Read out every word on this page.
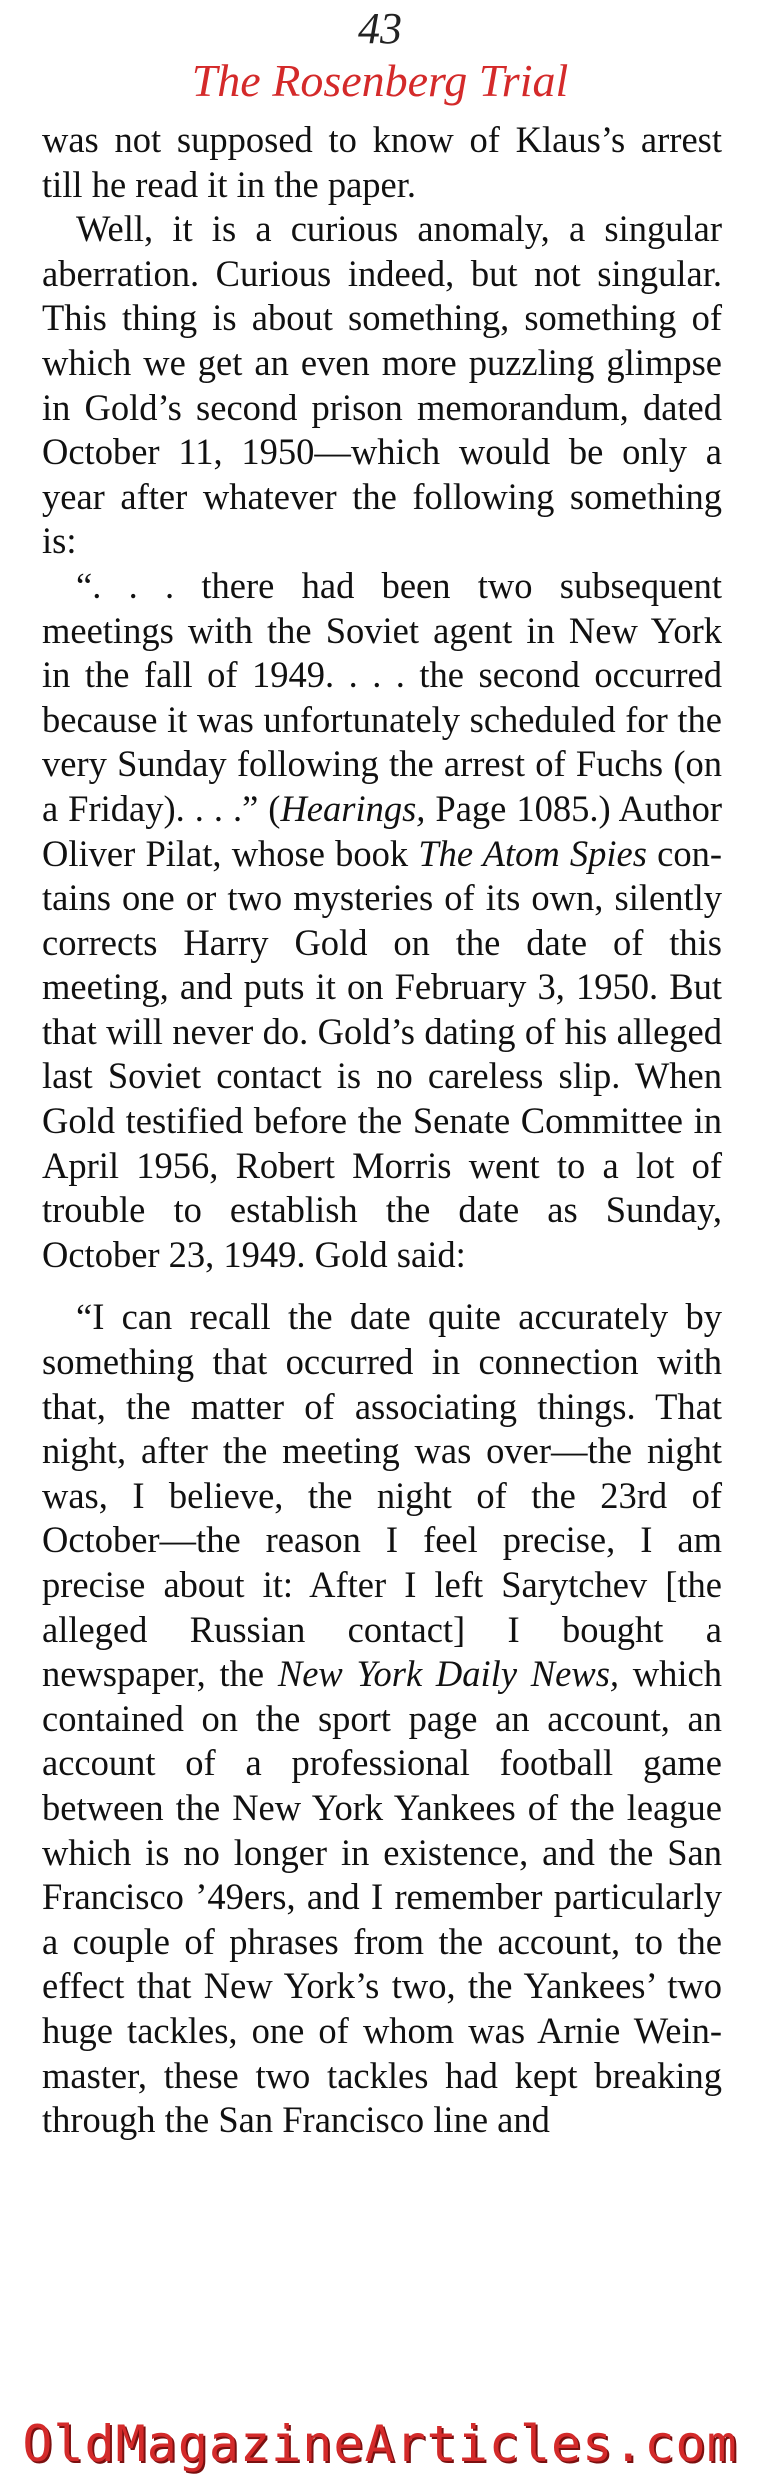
43
The Rosenberg Trial

was not supposed to know of Klaus’s arrest till he read it in the paper.

Well, it is a curious anomaly, a singular aberration. Curious indeed, but not singular. This thing is about something, something of which we get an even more puzzling glimpse in Gold’s second prison memorandum, dated October 11, 1950—which would be only a year after whatever the following something is:

“. . . there had been two subsequent meetings with the Soviet agent in New York in the fall of 1949. . . . the second occurred because it was unfortunately scheduled for the very Sunday following the arrest of Fuchs (on a Friday). . . .” (Hearings, Page 1085.) Author Oliver Pilat, whose book The Atom Spies contains one or two mysteries of its own, silently corrects Harry Gold on the date of this meeting, and puts it on February 3, 1950. But that will never do. Gold’s dating of his alleged last Soviet contact is no careless slip. When Gold testified before the Senate Committee in April 1956, Robert Morris went to a lot of trouble to establish the date as Sunday, October 23, 1949. Gold said:

“I can recall the date quite accurately by something that occurred in connection with that, the matter of associating things. That night, after the meeting was over—the night was, I believe, the night of the 23rd of October—the reason I feel precise, I am precise about it: After I left Sarytchev [the alleged Russian contact] I bought a newspaper, the New York Daily News, which contained on the sport page an account, an account of a professional football game between the New York Yankees of the league which is no longer in existence, and the San Francisco ’49ers, and I remember particularly a couple of phrases from the account, to the effect that New York’s two, the Yankees’ two huge tackles, one of whom was Arnie Weinmaster, these two tackles had kept breaking through the San Francisco line and

OldMagazineArticles.com
